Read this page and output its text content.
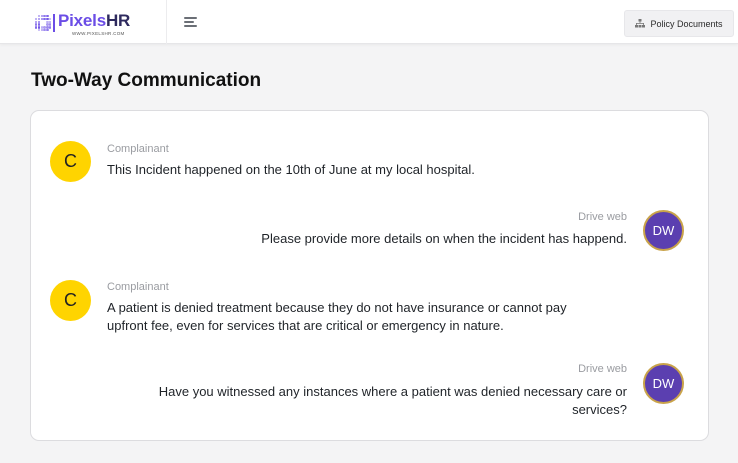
PixelsHR
WWW.PIXELSHR.COM
Policy Documents
Two-Way Communication
C
Complainant
This Incident happened on the 10th of June at my local hospital.
Drive web
Please provide more details on when the incident has happend.
DW
C
Complainant
A patient is denied treatment because they do not have insurance or cannot pay upfront fee, even for services that are critical or emergency in nature.
Drive web
Have you witnessed any instances where a patient was denied necessary care or services?
DW
